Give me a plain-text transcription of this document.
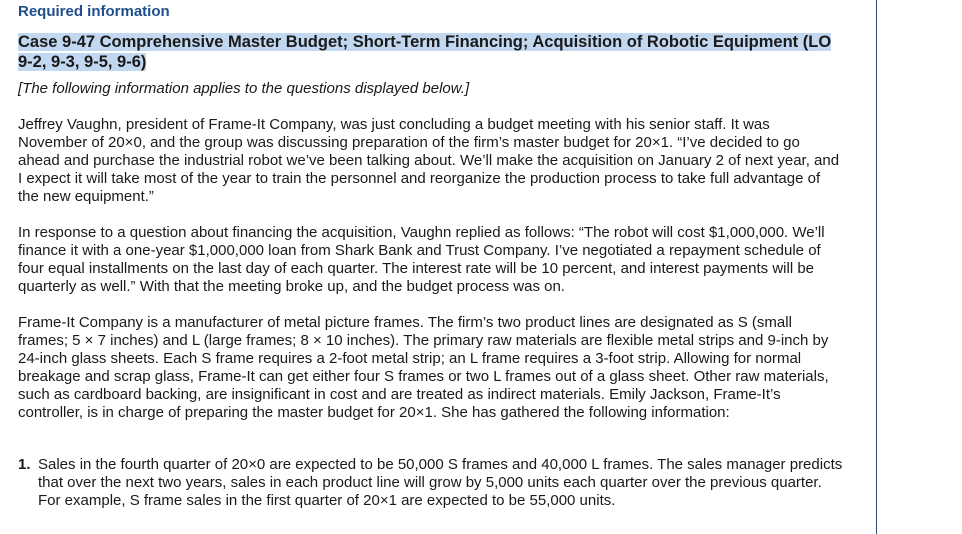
Required information
Case 9-47 Comprehensive Master Budget; Short-Term Financing; Acquisition of Robotic Equipment (LO 9-2, 9-3, 9-5, 9-6)
[The following information applies to the questions displayed below.]

Jeffrey Vaughn, president of Frame-It Company, was just concluding a budget meeting with his senior staff. It was November of 20×0, and the group was discussing preparation of the firm’s master budget for 20×1. “I’ve decided to go ahead and purchase the industrial robot we’ve been talking about. We’ll make the acquisition on January 2 of next year, and I expect it will take most of the year to train the personnel and reorganize the production process to take full advantage of the new equipment.”

In response to a question about financing the acquisition, Vaughn replied as follows: “The robot will cost $1,000,000. We’ll finance it with a one-year $1,000,000 loan from Shark Bank and Trust Company. I’ve negotiated a repayment schedule of four equal installments on the last day of each quarter. The interest rate will be 10 percent, and interest payments will be quarterly as well.” With that the meeting broke up, and the budget process was on.

Frame-It Company is a manufacturer of metal picture frames. The firm’s two product lines are designated as S (small frames; 5 × 7 inches) and L (large frames; 8 × 10 inches). The primary raw materials are flexible metal strips and 9-inch by 24-inch glass sheets. Each S frame requires a 2-foot metal strip; an L frame requires a 3-foot strip. Allowing for normal breakage and scrap glass, Frame-It can get either four S frames or two L frames out of a glass sheet. Other raw materials, such as cardboard backing, are insignificant in cost and are treated as indirect materials. Emily Jackson, Frame-It’s controller, is in charge of preparing the master budget for 20×1. She has gathered the following information:

1. Sales in the fourth quarter of 20×0 are expected to be 50,000 S frames and 40,000 L frames. The sales manager predicts that over the next two years, sales in each product line will grow by 5,000 units each quarter over the previous quarter. For example, S frame sales in the first quarter of 20×1 are expected to be 55,000 units.
